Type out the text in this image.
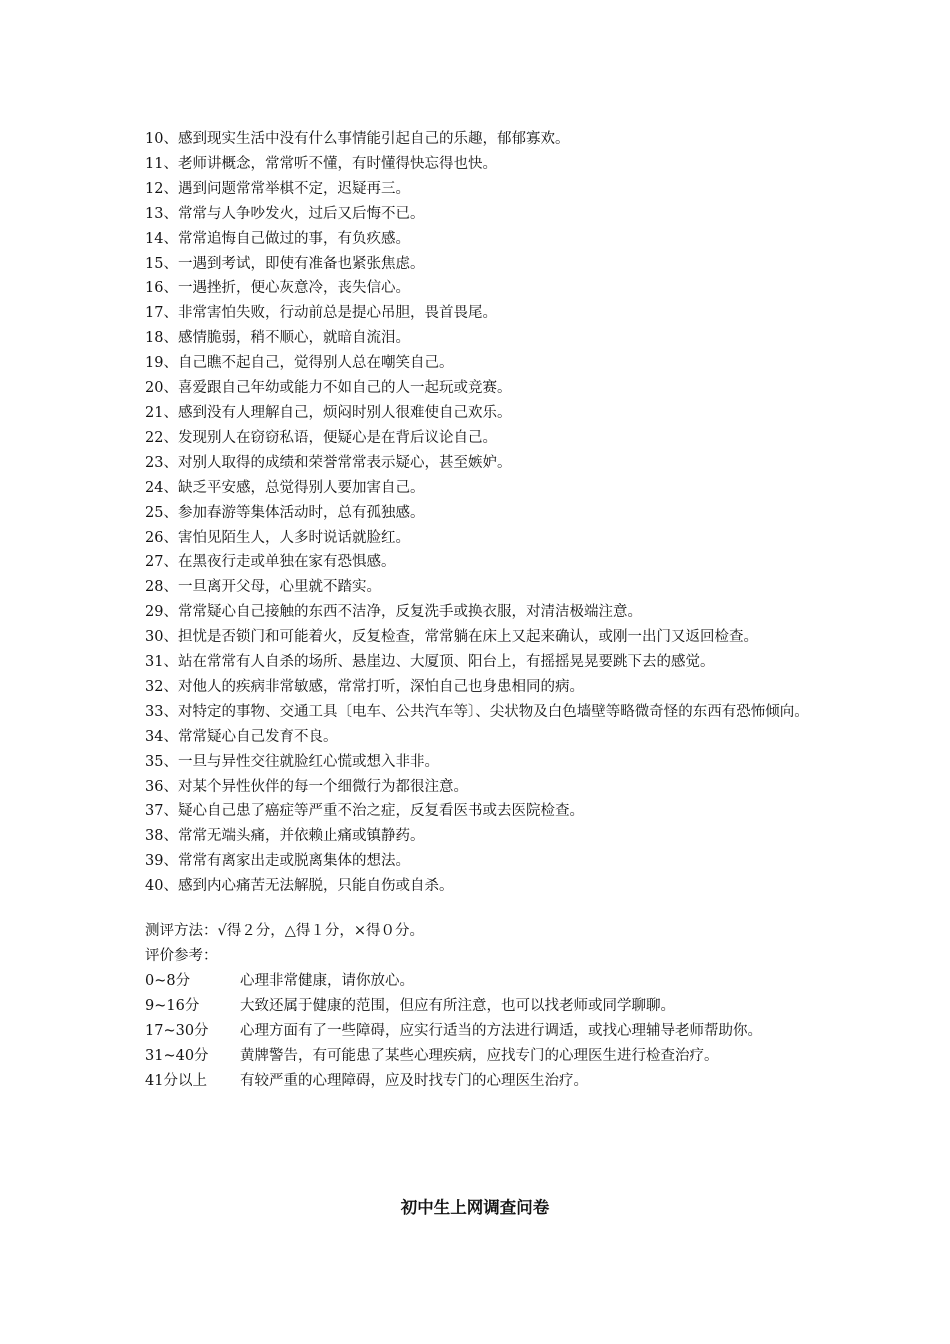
10、感到现实生活中没有什么事情能引起自己的乐趣，郁郁寡欢。

11、老师讲概念，常常听不懂，有时懂得快忘得也快。

12、遇到问题常常举棋不定，迟疑再三。

13、常常与人争吵发火，过后又后悔不已。

14、常常追悔自己做过的事，有负疚感。

15、一遇到考试，即使有准备也紧张焦虑。

16、一遇挫折，便心灰意冷，丧失信心。

17、非常害怕失败，行动前总是提心吊胆，畏首畏尾。

18、感情脆弱，稍不顺心，就暗自流泪。

19、自己瞧不起自己，觉得别人总在嘲笑自己。

20、喜爱跟自己年幼或能力不如自己的人一起玩或竞赛。

21、感到没有人理解自己，烦闷时别人很难使自己欢乐。

22、发现别人在窃窃私语，便疑心是在背后议论自己。

23、对别人取得的成绩和荣誉常常表示疑心，甚至嫉妒。

24、缺乏平安感，总觉得别人要加害自己。

25、参加春游等集体活动时，总有孤独感。

26、害怕见陌生人，人多时说话就脸红。

27、在黑夜行走或单独在家有恐惧感。

28、一旦离开父母，心里就不踏实。

29、常常疑心自己接触的东西不洁净，反复洗手或换衣服，对清洁极端注意。

30、担忧是否锁门和可能着火，反复检查，常常躺在床上又起来确认，或刚一出门又返回检查。

31、站在常常有人自杀的场所、悬崖边、大厦顶、阳台上，有摇摇晃晃要跳下去的感觉。

32、对他人的疾病非常敏感，常常打听，深怕自己也身患相同的病。

33、对特定的事物、交通工具〔电车、公共汽车等〕、尖状物及白色墙壁等略微奇怪的东西有恐怖倾向。

34、常常疑心自己发育不良。

35、一旦与异性交往就脸红心慌或想入非非。

36、对某个异性伙伴的每一个细微行为都很注意。

37、疑心自己患了癌症等严重不治之症，反复看医书或去医院检查。

38、常常无端头痛，并依赖止痛或镇静药。

39、常常有离家出走或脱离集体的想法。

40、感到内心痛苦无法解脱，只能自伤或自杀。

测评方法：√得２分，△得１分，×得０分。

评价参考：

0~8分	心理非常健康，请你放心。
9~16分	大致还属于健康的范围，但应有所注意，也可以找老师或同学聊聊。
17~30分 心理方面有了一些障碍，应实行适当的方法进行调适，或找心理辅导老师帮助你。
31~40分	黄牌警告，有可能患了某些心理疾病，应找专门的心理医生进行检查治疗。
41分以上	有较严重的心理障碍，应及时找专门的心理医生治疗。
初中生上网调查问卷
